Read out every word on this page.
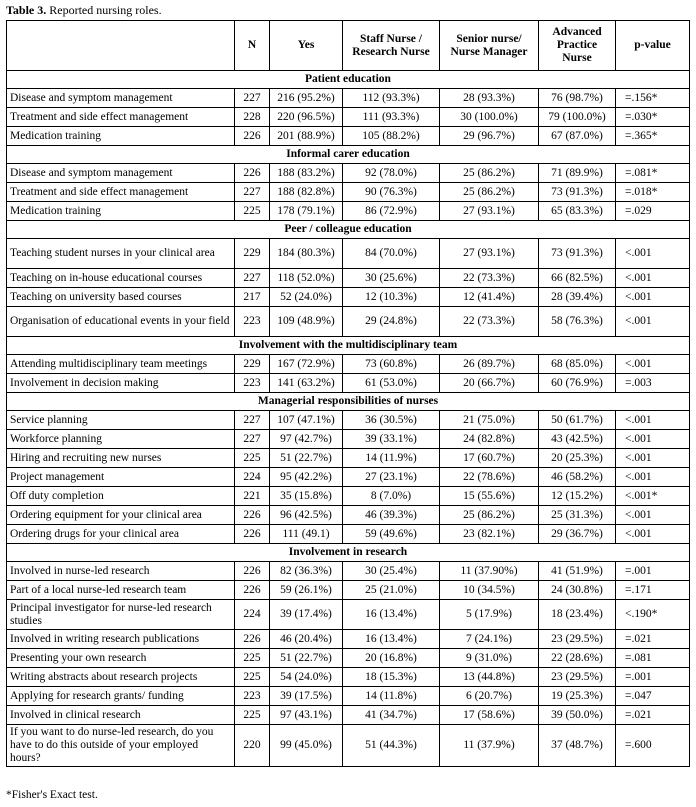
Table 3. Reported nursing roles.
	N	Yes	Staff Nurse / Research Nurse	Senior nurse/ Nurse Manager	Advanced Practice Nurse	p-value
Patient education						
Disease and symptom management	227	216 (95.2%)	112 (93.3%)	28 (93.3%)	76 (98.7%)	=.156*
Treatment and side effect management	228	220 (96.5%)	111 (93.3%)	30 (100.0%)	79 (100.0%)	=.030*
Medication training	226	201 (88.9%)	105 (88.2%)	29 (96.7%)	67 (87.0%)	=.365*
Informal carer education						
Disease and symptom management	226	188 (83.2%)	92 (78.0%)	25 (86.2%)	71 (89.9%)	=.081*
Treatment and side effect management	227	188 (82.8%)	90 (76.3%)	25 (86.2%)	73 (91.3%)	=.018*
Medication training	225	178 (79.1%)	86 (72.9%)	27 (93.1%)	65 (83.3%)	=.029
Peer / colleague education						
Teaching student nurses in your clinical area	229	184 (80.3%)	84 (70.0%)	27 (93.1%)	73 (91.3%)	<.001
Teaching on in-house educational courses	227	118 (52.0%)	30 (25.6%)	22 (73.3%)	66 (82.5%)	<.001
Teaching on university based courses	217	52 (24.0%)	12 (10.3%)	12 (41.4%)	28 (39.4%)	<.001
Organisation of educational events in your field	223	109 (48.9%)	29 (24.8%)	22 (73.3%)	58 (76.3%)	<.001
Involvement with the multidisciplinary team						
Attending multidisciplinary team meetings	229	167 (72.9%)	73 (60.8%)	26 (89.7%)	68 (85.0%)	<.001
Involvement in decision making	223	141 (63.2%)	61 (53.0%)	20 (66.7%)	60 (76.9%)	=.003
Managerial responsibilities of nurses						
Service planning	227	107 (47.1%)	36 (30.5%)	21 (75.0%)	50 (61.7%)	<.001
Workforce planning	227	97 (42.7%)	39 (33.1%)	24 (82.8%)	43 (42.5%)	<.001
Hiring and recruiting new nurses	225	51 (22.7%)	14 (11.9%)	17 (60.7%)	20 (25.3%)	<.001
Project management	224	95 (42.2%)	27 (23.1%)	22 (78.6%)	46 (58.2%)	<.001
Off duty completion	221	35 (15.8%)	8 (7.0%)	15 (55.6%)	12 (15.2%)	<.001*
Ordering equipment for your clinical area	226	96 (42.5%)	46 (39.3%)	25 (86.2%)	25 (31.3%)	<.001
Ordering drugs for your clinical area	226	111 (49.1)	59 (49.6%)	23 (82.1%)	29 (36.7%)	<.001
Involvement in research						
Involved in nurse-led research	226	82 (36.3%)	30 (25.4%)	11 (37.90%)	41 (51.9%)	=.001
Part of a local nurse-led research team	226	59 (26.1%)	25 (21.0%)	10 (34.5%)	24 (30.8%)	=.171
Principal investigator for nurse-led research studies	224	39 (17.4%)	16 (13.4%)	5 (17.9%)	18 (23.4%)	<.190*
Involved in writing research publications	226	46 (20.4%)	16 (13.4%)	7 (24.1%)	23 (29.5%)	=.021
Presenting your own research	225	51 (22.7%)	20 (16.8%)	9 (31.0%)	22 (28.6%)	=.081
Writing abstracts about research projects	225	54 (24.0%)	18 (15.3%)	13 (44.8%)	23 (29.5%)	=.001
Applying for research grants/ funding	223	39 (17.5%)	14 (11.8%)	6 (20.7%)	19 (25.3%)	=.047
Involved in clinical research	225	97 (43.1%)	41 (34.7%)	17 (58.6%)	39 (50.0%)	=.021
If you want to do nurse-led research, do you have to do this outside of your employed hours?	220	99 (45.0%)	51 (44.3%)	11 (37.9%)	37 (48.7%)	=.600
*Fisher's Exact test.
